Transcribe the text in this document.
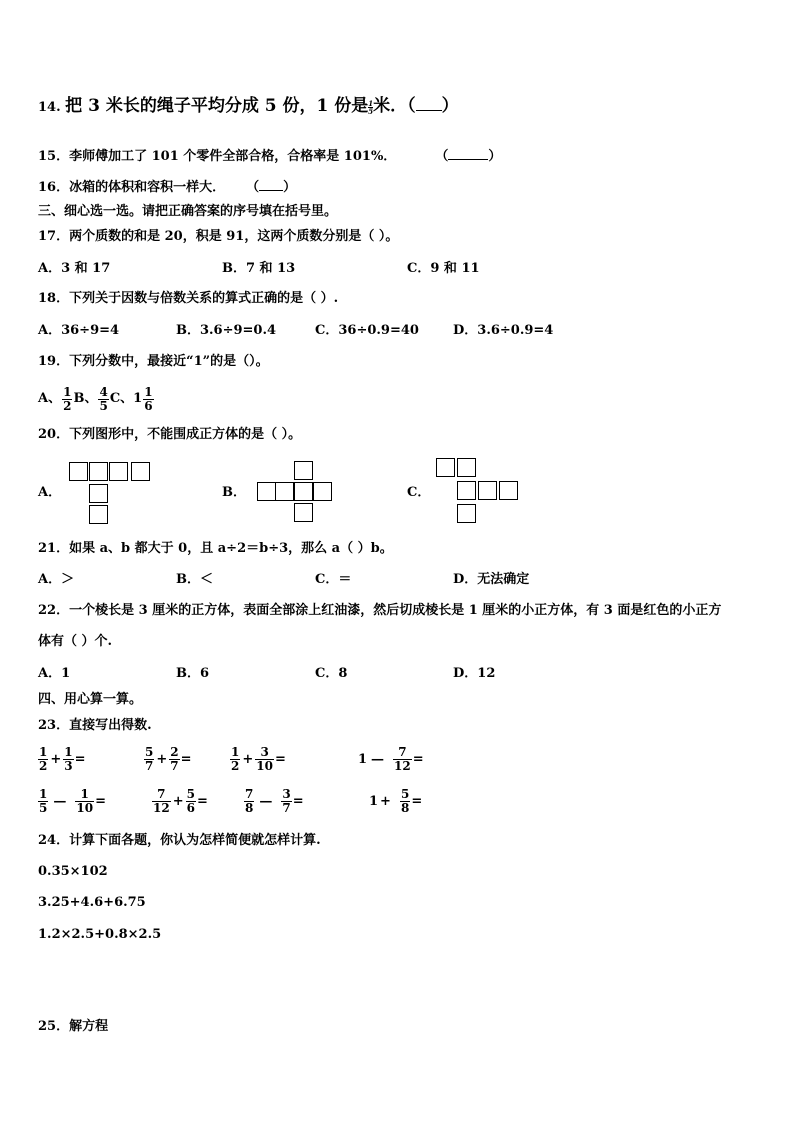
14. 把 3 米长的绳子平均分成 5 份，1 份是 $\frac{1}{5}$ 米．（ ）
15．李师傅加工了 101 个零件全部合格，合格率是 101%．	（	）
16．冰箱的体积和容积一样大． （ ）
三、细心选一选。请把正确答案的序号填在括号里。
17．两个质数的和是 20，积是 91，这两个质数分别是（ ）。
A．3 和 17	B．7 和 13	C．9 和 11
18．下列关于因数与倍数关系的算式正确的是（ ）.
A．36÷9=4	B．3.6÷9=0.4	C．36÷0.9=40	D．3.6÷0.9=4
19．下列分数中，最接近“1”的是（）。
A、 $\frac{1}{2}$ B、 $\frac{4}{5}$ C、 $1 \frac{1}{6}$
20．下列图形中，不能围成正方体的是（ ）。
A．	B．	C．
21．如果 a、b 都大于 0，且 a÷2＝b÷3，那么 a（ ）b。
A．＞	B．＜	C．＝	D．无法确定
22．一个棱长是 3 厘米的正方体，表面全部涂上红油漆，然后切成棱长是 1 厘米的小正方体，有 3 面是红色的小正方
体有（ ）个.
A．1	B．6	C．8	D．12
四、用心算一算。
23．直接写出得数.
$\frac{1}{2} + \frac{1}{3}$ =	$\frac{5}{7} + \frac{2}{7}$ =	$\frac{1}{2} + \frac{3}{10}$ =	1 — $\frac{7}{12}$ =
$\frac{1}{5}$ — $\frac{1}{10}$ =	$\frac{7}{12} + \frac{5}{6}$ =	$\frac{7}{8}$ — $\frac{3}{7}$ =	$1 + \frac{5}{8}$ =
24．计算下面各题，你认为怎样简便就怎样计算.
0.35×102
3.25+4.6+6.75
1.2×2.5+0.8×2.5
25．解方程
